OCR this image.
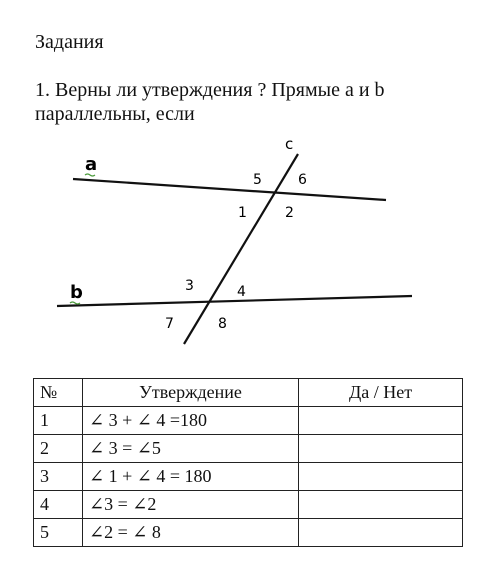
Задания
1. Верны ли утверждения ? Прямые a и b параллельны, если
c
a
b
5	6
1	2
3	4
7	8
№	Утверждение	Да / Нет
1	∠ 3 + ∠ 4 =180	
2	∠ 3 = ∠5	
3	∠ 1 + ∠ 4 = 180	
4	∠3 = ∠2	
5	∠2 = ∠ 8	
